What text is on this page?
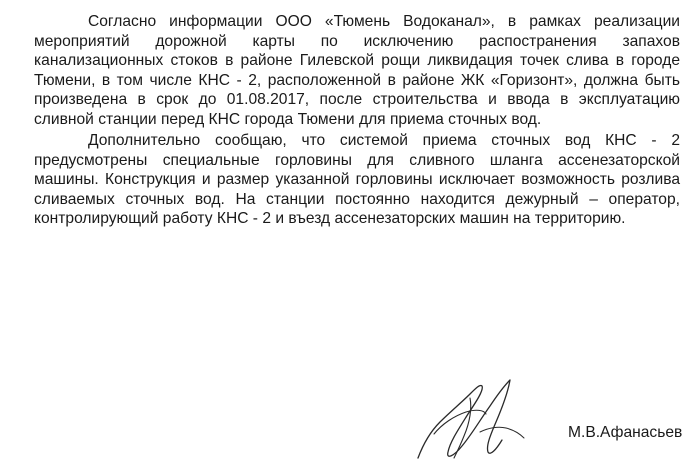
Согласно информации ООО «Тюмень Водоканал», в рамках реализации мероприятий дорожной карты по исключению распостранения запахов канализационных стоков в районе Гилевской рощи ликвидация точек слива в городе Тюмени, в том числе КНС - 2, расположенной в районе ЖК «Горизонт», должна быть произведена в срок до 01.08.2017, после строительства и ввода в эксплуатацию сливной станции перед КНС города Тюмени для приема сточных вод.

Дополнительно сообщаю, что системой приема сточных вод КНС - 2 предусмотрены специальные горловины для сливного шланга ассенезаторской машины. Конструкция и размер указанной горловины исключает возможность розлива сливаемых сточных вод. На станции постоянно находится дежурный – оператор, контролирующий работу КНС - 2 и въезд ассенезаторских машин на территорию.

М.В.Афанасьев
